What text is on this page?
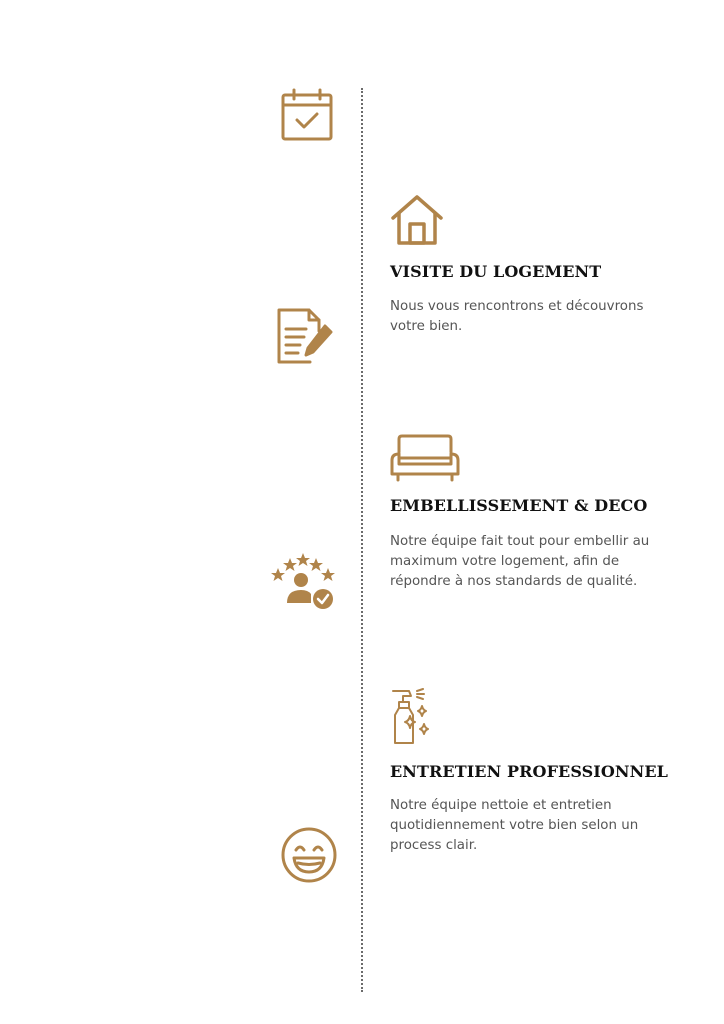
VISITE DU LOGEMENT

Nous vous rencontrons et découvrons
votre bien.

EMBELLISSEMENT & DECO

Notre équipe fait tout pour embellir au
maximum votre logement, afin de
répondre à nos standards de qualité.

ENTRETIEN PROFESSIONNEL

Notre équipe nettoie et entretien
quotidiennement votre bien selon un
process clair.
